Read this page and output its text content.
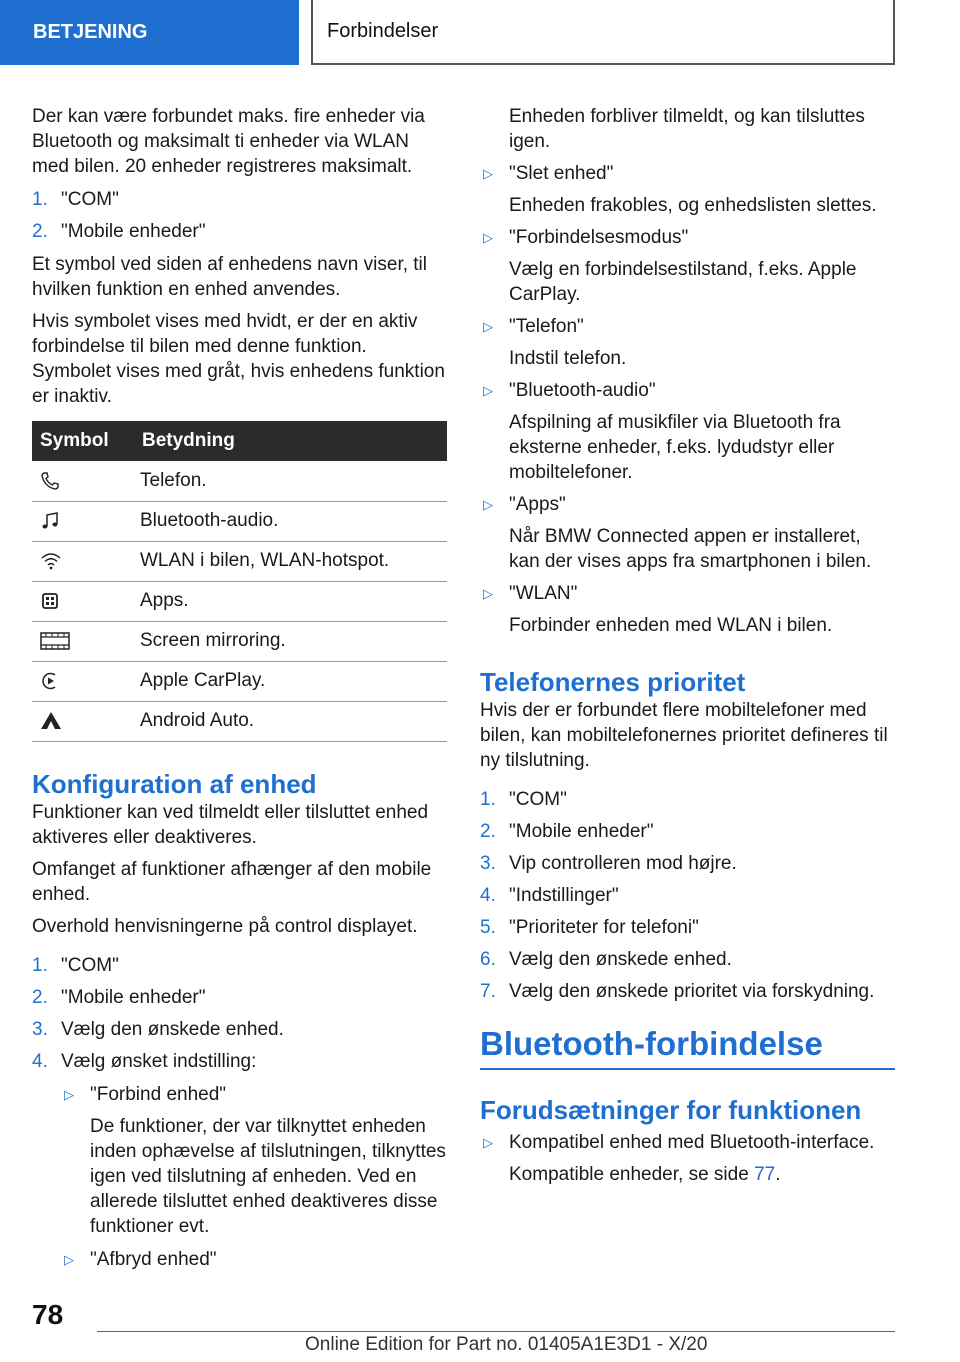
BETJENING	Forbindelser

Der kan være forbundet maks. fire enheder via Bluetooth og maksimalt ti enheder via WLAN med bilen. 20 enheder registreres maksimalt.

1. "COM"
2. "Mobile enheder"

Et symbol ved siden af enhedens navn viser, til hvilken funktion en enhed anvendes.

Hvis symbolet vises med hvidt, er der en aktiv forbindelse til bilen med denne funktion. Symbolet vises med gråt, hvis enhedens funktion er inaktiv.

Symbol	Betydning

	Telefon.

	Bluetooth-audio.

	WLAN i bilen, WLAN-hotspot.

	Apps.

	Screen mirroring.

	Apple CarPlay.

	Android Auto.
Konfiguration af enhed

Funktioner kan ved tilmeldt eller tilsluttet enhed aktiveres eller deaktiveres.

Omfanget af funktioner afhænger af den mobile enhed.

Overhold henvisningerne på control displayet.

1. "COM"
2. "Mobile enheder"
3. Vælg den ønskede enhed.
4. Vælg ønsket indstilling:
▷ "Forbind enhed"
De funktioner, der var tilknyttet enheden inden ophævelse af tilslutningen, tilknyttes igen ved tilslutning af enheden. Ved en allerede tilsluttet enhed deaktiveres disse funktioner evt.
▷ "Afbryd enhed"
Enheden forbliver tilmeldt, og kan tilsluttes igen.
▷ "Slet enhed"
Enheden frakobles, og enhedslisten slettes.
▷ "Forbindelsesmodus"
Vælg en forbindelsestilstand, f.eks. Apple CarPlay.
▷ "Telefon"
Indstil telefon.
▷ "Bluetooth-audio"
Afspilning af musikfiler via Bluetooth fra eksterne enheder, f.eks. lydudstyr eller mobiltelefoner.
▷ "Apps"
Når BMW Connected appen er installeret, kan der vises apps fra smartphonen i bilen.
▷ "WLAN"
Forbinder enheden med WLAN i bilen.
Telefonernes prioritet

Hvis der er forbundet flere mobiltelefoner med bilen, kan mobiltelefonernes prioritet defineres til ny tilslutning.

1. "COM"
2. "Mobile enheder"
3. Vip controlleren mod højre.
4. "Indstillinger"
5. "Prioriteter for telefoni"
6. Vælg den ønskede enhed.
7. Vælg den ønskede prioritet via forskydning.
Bluetooth-forbindelse
Forudsætninger for funktionen
▷ Kompatibel enhed med Bluetooth-interface.
Kompatible enheder, se side 77.
78
Online Edition for Part no. 01405A1E3D1 - X/20
